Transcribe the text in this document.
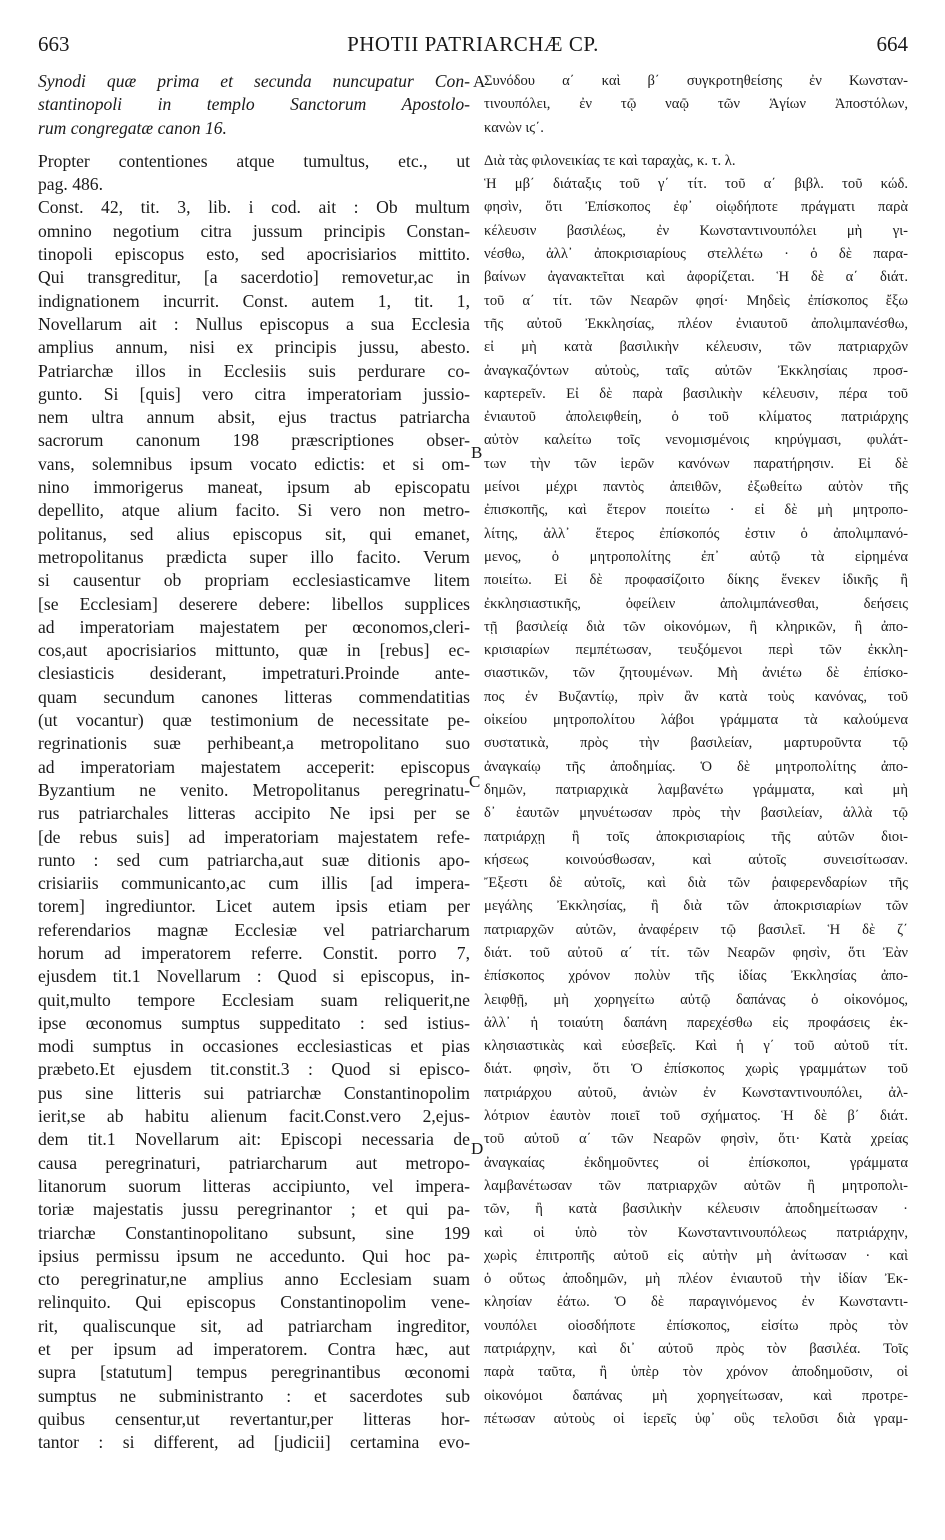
663	PHOTII PATRIARCHÆ CP.	664
Synodi quæ prima et secunda nuncupatur Con-
stantinopoli in templo Sanctorum Apostolo-
rum congregatæ canon 16.
Propter contentiones atque tumultus, etc., ut
pag. 486.
Const. 42, tit. 3, lib. i cod. ait : Ob multum
omnino negotium citra jussum principis Constan-
tinopoli episcopus esto, sed apocrisiarios mittito.
Qui transgreditur, [a sacerdotio] removetur,ac in
indignationem incurrit. Const. autem 1, tit. 1,
Novellarum ait : Nullus episcopus a sua Ecclesia
amplius annum, nisi ex principis jussu, abesto.
Patriarchæ illos in Ecclesiis suis perdurare co-
gunto. Si [quis] vero citra imperatoriam jussio-
nem ultra annum absit, ejus tractus patriarcha
sacrorum canonum 198 præscriptiones obser-
vans, solemnibus ipsum vocato edictis: et si om-
nino immorigerus maneat, ipsum ab episcopatu
depellito, atque alium facito. Si vero non metro-
politanus, sed alius episcopus sit, qui emanet,
metropolitanus prædicta super illo facito. Verum
si causentur ob propriam ecclesiasticamve litem
[se Ecclesiam] deserere debere: libellos supplices
ad imperatoriam majestatem per œconomos,cleri-
cos,aut apocrisiarios mittunto, quæ in [rebus] ec-
clesiasticis desiderant, impetraturi.Proinde ante-
quam secundum canones litteras commendatitias
(ut vocantur) quæ testimonium de necessitate pe-
regrinationis suæ perhibeant,a metropolitano suo
ad imperatoriam majestatem acceperit: episcopus
Byzantium ne venito. Metropolitanus peregrinatu-
rus patriarchales litteras accipito Ne ipsi per se
[de rebus suis] ad imperatoriam majestatem refe-
runto : sed cum patriarcha,aut suæ ditionis apo-
crisiariis communicanto,ac cum illis [ad impera-
torem] ingrediuntor. Licet autem ipsis etiam per
referendarios magnæ Ecclesiæ vel patriarcharum
horum ad imperatorem referre. Constit. porro 7,
ejusdem tit.1 Novellarum : Quod si episcopus, in-
quit,multo tempore Ecclesiam suam reliquerit,ne
ipse œconomus sumptus suppeditato : sed istius-
modi sumptus in occasiones ecclesiasticas et pias
præbeto.Et ejusdem tit.constit.3 : Quod si episco-
pus sine litteris sui patriarchæ Constantinopolim
ierit,se ab habitu alienum facit.Const.vero 2,ejus-
dem tit.1 Novellarum ait: Episcopi necessaria de
causa peregrinaturi, patriarcharum aut metropo-
litanorum suorum litteras accipiunto, vel impera-
toriæ majestatis jussu peregrinantor ; et qui pa-
triarchæ Constantinopolitano subsunt, sine 199
ipsius permissu ipsum ne accedunto. Qui hoc pa-
cto peregrinatur,ne amplius anno Ecclesiam suam
relinquito. Qui episcopus Constantinopolim vene-
rit, qualiscunque sit, ad patriarcham ingreditor,
et per ipsum ad imperatorem. Contra hæc, aut
supra [statutum] tempus peregrinantibus œconomi
sumptus ne subministranto : et sacerdotes sub
quibus censentur,ut revertantur,per litteras hor-
tantor : si different, ad [judicii] certamina evo-
Συνόδου α΄ καὶ β΄ συγκροτηθείσης ἐν Κωνσταν-
τινουπόλει, ἐν τῷ ναῷ τῶν Ἁγίων Ἀποστόλων,
κανὼν ιϛ΄.
Διὰ τὰς φιλονεικίας τε καὶ ταραχὰς, κ. τ. λ.
Ἡ μβ΄ διάταξις τοῦ γ΄ τίτ. τοῦ α΄ βιβλ. τοῦ κώδ.
φησὶν, ὅτι Ἐπίσκοπος ἐφ᾽ οἱῳδήποτε πράγματι παρὰ
κέλευσιν βασιλέως, ἐν Κωνσταντινουπόλει μὴ γι-
νέσθω, ἀλλ᾽ ἀποκρισιαρίους στελλέτω · ὁ δὲ παρα-
βαίνων ἀγανακτεῖται καὶ ἀφορίζεται. Ἡ δὲ α΄ διάτ.
τοῦ α΄ τίτ. τῶν Νεαρῶν φησί· Μηδεὶς ἐπίσκοπος ἔξω
τῆς αὐτοῦ Ἐκκλησίας, πλέον ἐνιαυτοῦ ἀπολιμπανέσθω,
εἰ μὴ κατὰ βασιλικὴν κέλευσιν, τῶν πατριαρχῶν
ἀναγκαζόντων αὐτοὺς, ταῖς αὐτῶν Ἐκκλησίαις προσ-
καρτερεῖν. Εἰ δὲ παρὰ βασιλικὴν κέλευσιν, πέρα τοῦ
ἐνιαυτοῦ ἀπολειφθείη, ὁ τοῦ κλίματος πατριάρχης
αὐτὸν καλείτω τοῖς νενομισμένοις κηρύγμασι, φυλάτ-
των τὴν τῶν ἱερῶν κανόνων παρατήρησιν. Εἰ δὲ
μείνοι μέχρι παντὸς ἀπειθῶν, ἐξωθείτω αὐτὸν τῆς
ἐπισκοπῆς, καὶ ἕτερον ποιείτω · εἰ δὲ μὴ μητροπο-
λίτης, ἀλλ᾽ ἕτερος ἐπίσκοπός ἐστιν ὁ ἀπολιμπανό-
μενος, ὁ μητροπολίτης ἐπ᾽ αὐτῷ τὰ εἰρημένα
ποιείτω. Εἰ δὲ προφασίζοιτο δίκης ἕνεκεν ἰδικῆς ἢ
ἐκκλησιαστικῆς, ὀφείλειν ἀπολιμπάνεσθαι, δεήσεις
τῇ βασιλείᾳ διὰ τῶν οἰκονόμων, ἢ κληρικῶν, ἢ ἀπο-
κρισιαρίων πεμπέτωσαν, τευξόμενοι περὶ τῶν ἐκκλη-
σιαστικῶν, τῶν ζητουμένων. Μὴ ἀνιέτω δὲ ἐπίσκο-
πος ἐν Βυζαντίῳ, πρὶν ἂν κατὰ τοὺς κανόνας, τοῦ
οἰκείου μητροπολίτου λάβοι γράμματα τὰ καλούμενα
συστατικὰ, πρὸς τὴν βασιλείαν, μαρτυροῦντα τῷ
ἀναγκαίῳ τῆς ἀποδημίας. Ὁ δὲ μητροπολίτης ἀπο-
δημῶν, πατριαρχικὰ λαμβανέτω γράμματα, καὶ μὴ
δ᾽ ἑαυτῶν μηνυέτωσαν πρὸς τὴν βασιλείαν, ἀλλὰ τῷ
πατριάρχῃ ἢ τοῖς ἀποκρισιαρίοις τῆς αὐτῶν διοι-
κήσεως κοινούσθωσαν, καὶ αὐτοῖς συνεισίτωσαν.
Ἔξεστι δὲ αὐτοῖς, καὶ διὰ τῶν ῥαιφερενδαρίων τῆς
μεγάλης Ἐκκλησίας, ἢ διὰ τῶν ἀποκρισιαρίων τῶν
πατριαρχῶν αὐτῶν, ἀναφέρειν τῷ βασιλεῖ. Ἡ δὲ ζ΄
διάτ. τοῦ αὐτοῦ α΄ τίτ. τῶν Νεαρῶν φησὶν, ὅτι Ἐὰν
ἐπίσκοπος χρόνον πολὺν τῆς ἰδίας Ἐκκλησίας ἀπο-
λειφθῇ, μὴ χορηγείτω αὐτῷ δαπάνας ὁ οἰκονόμος,
ἀλλ᾽ ἡ τοιαύτη δαπάνη παρεχέσθω εἰς προφάσεις ἐκ-
κλησιαστικὰς καὶ εὐσεβεῖς. Καὶ ἡ γ΄ τοῦ αὐτοῦ τίτ.
διάτ. φησὶν, ὅτι Ὁ ἐπίσκοπος χωρὶς γραμμάτων τοῦ
πατριάρχου αὐτοῦ, ἀνιὼν ἐν Κωνσταντινουπόλει, ἀλ-
λότριον ἑαυτὸν ποιεῖ τοῦ σχήματος. Ἡ δὲ β΄ διάτ.
τοῦ αὐτοῦ α΄ τῶν Νεαρῶν φησὶν, ὅτι· Κατὰ χρείας
ἀναγκαίας ἐκδημοῦντες οἱ ἐπίσκοποι, γράμματα
λαμβανέτωσαν τῶν πατριαρχῶν αὐτῶν ἢ μητροπολι-
τῶν, ἢ κατὰ βασιλικὴν κέλευσιν ἀποδημείτωσαν ·
καὶ οἱ ὑπὸ τὸν Κωνσταντινουπόλεως πατριάρχην,
χωρὶς ἐπιτροπῆς αὐτοῦ εἰς αὐτὴν μὴ ἀνίτωσαν · καὶ
ὁ οὕτως ἀποδημῶν, μὴ πλέον ἐνιαυτοῦ τὴν ἰδίαν Ἐκ-
κλησίαν ἐάτω. Ὁ δὲ παραγινόμενος ἐν Κωνσταντι-
νουπόλει οἱοσδήποτε ἐπίσκοπος, εἰσίτω πρὸς τὸν
πατριάρχην, καὶ δι᾽ αὐτοῦ πρὸς τὸν βασιλέα. Τοῖς
παρὰ ταῦτα, ἢ ὑπὲρ τὸν χρόνον ἀποδημοῦσιν, οἱ
οἰκονόμοι δαπάνας μὴ χορηγείτωσαν, καὶ προτρε-
πέτωσαν αὐτοὺς οἱ ἱερεῖς ὑφ᾽ οὓς τελοῦσι διὰ γραμ-
A
B
C
D
